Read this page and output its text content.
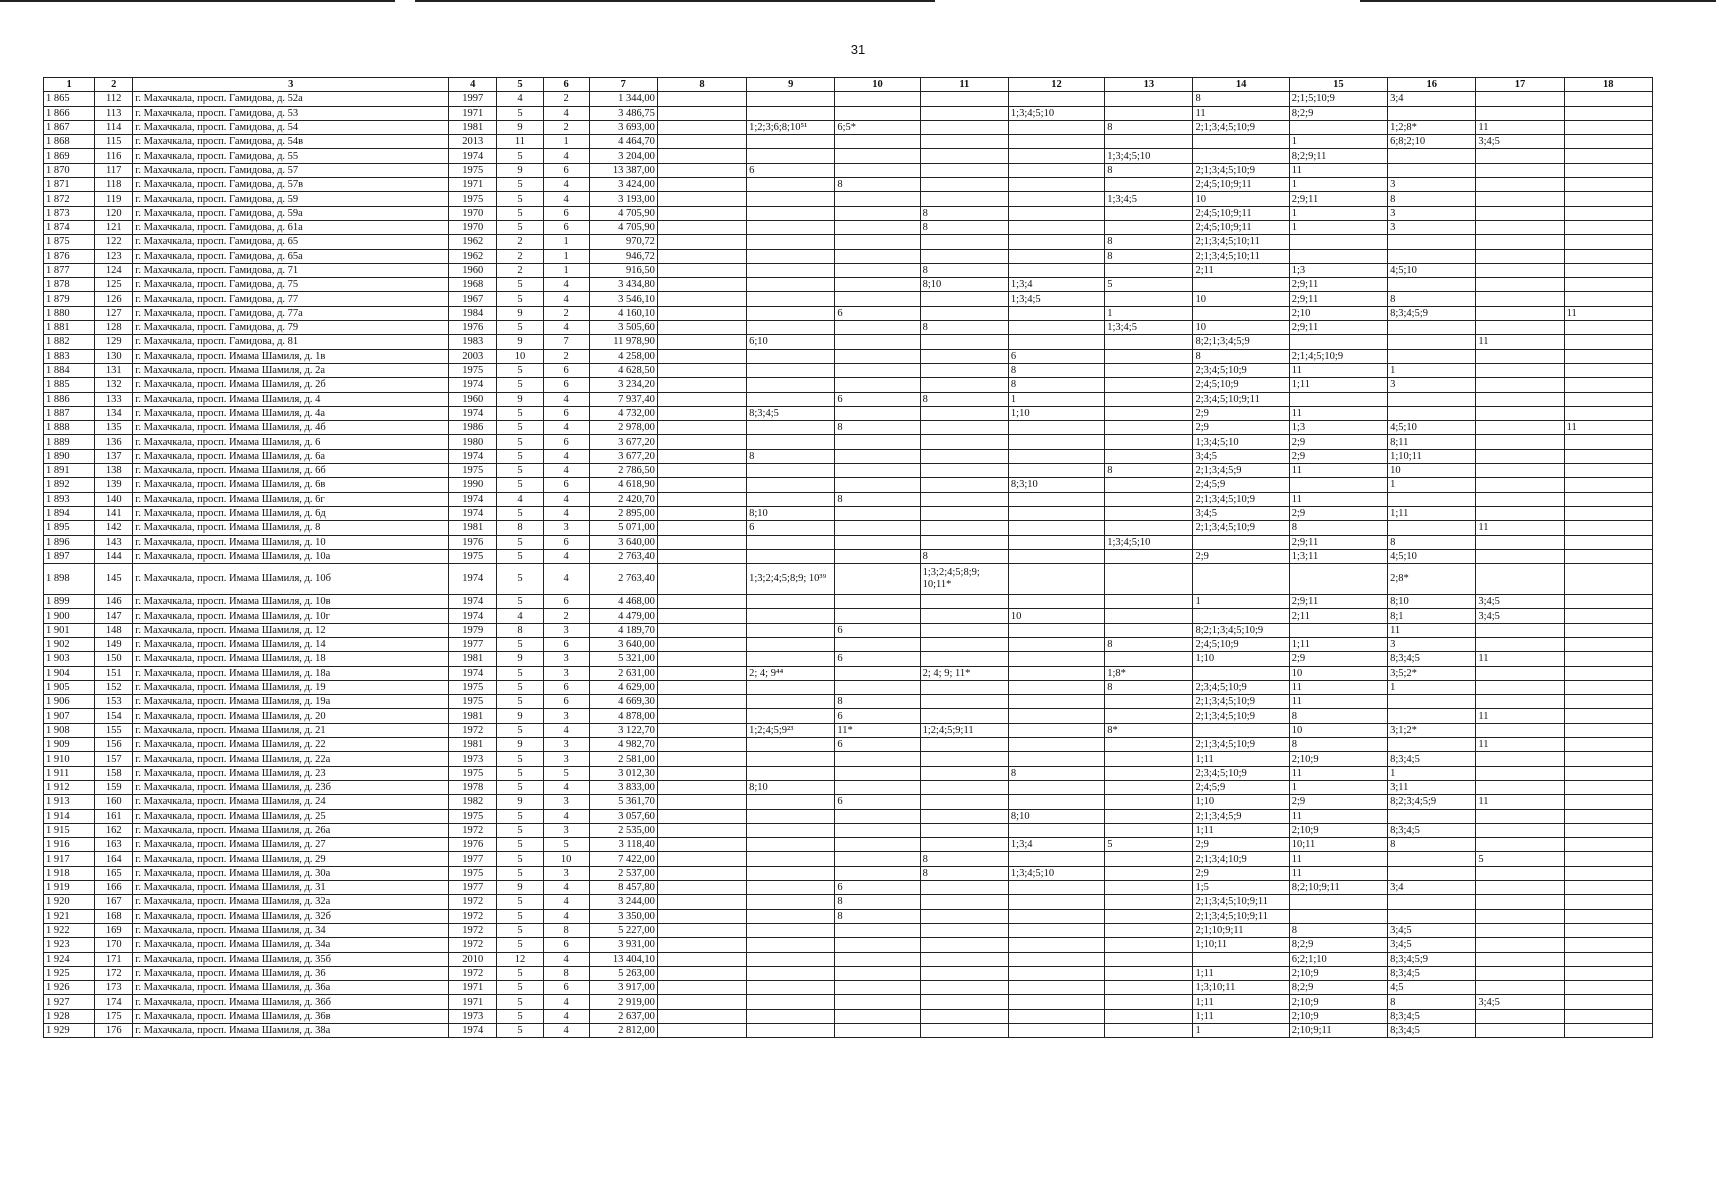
31
1	2	3	4	5	6	7	8	9	10	11	12	13	14	15	16	17	18
1 865	112	г. Махачкала, просп. Гамидова, д. 52а	1997	4	2	1 344,00							8	2;1;5;10;9	3;4		
1 866	113	г. Махачкала, просп. Гамидова, д. 53	1971	5	4	3 486,75					1;3;4;5;10		11	8;2;9			
1 867	114	г. Махачкала, просп. Гамидова, д. 54	1981	9	2	3 693,00		1;2;3;6;8;10⁵¹	6;5*			8	2;1;3;4;5;10;9		1;2;8*	11	
1 868	115	г. Махачкала, просп. Гамидова, д. 54в	2013	11	1	4 464,70								1	6;8;2;10	3;4;5	
1 869	116	г. Махачкала, просп. Гамидова, д. 55	1974	5	4	3 204,00						1;3;4;5;10		8;2;9;11			
1 870	117	г. Махачкала, просп. Гамидова, д. 57	1975	9	6	13 387,00		6				8	2;1;3;4;5;10;9	11			
1 871	118	г. Махачкала, просп. Гамидова, д. 57в	1971	5	4	3 424,00			8				2;4;5;10;9;11	1	3		
1 872	119	г. Махачкала, просп. Гамидова, д. 59	1975	5	4	3 193,00						1;3;4;5	10	2;9;11	8		
1 873	120	г. Махачкала, просп. Гамидова, д. 59а	1970	5	6	4 705,90				8			2;4;5;10;9;11	1	3		
1 874	121	г. Махачкала, просп. Гамидова, д. 61а	1970	5	6	4 705,90				8			2;4;5;10;9;11	1	3		
1 875	122	г. Махачкала, просп. Гамидова, д. 65	1962	2	1	970,72						8	2;1;3;4;5;10;11				
1 876	123	г. Махачкала, просп. Гамидова, д. 65а	1962	2	1	946,72						8	2;1;3;4;5;10;11				
1 877	124	г. Махачкала, просп. Гамидова, д. 71	1960	2	1	916,50				8			2;11	1;3	4;5;10		
1 878	125	г. Махачкала, просп. Гамидова, д. 75	1968	5	4	3 434,80				8;10	1;3;4	5		2;9;11			
1 879	126	г. Махачкала, просп. Гамидова, д. 77	1967	5	4	3 546,10					1;3;4;5		10	2;9;11	8		
1 880	127	г. Махачкала, просп. Гамидова, д. 77а	1984	9	2	4 160,10			6			1		2;10	8;3;4;5;9		11
1 881	128	г. Махачкала, просп. Гамидова, д. 79	1976	5	4	3 505,60				8		1;3;4;5	10	2;9;11			
1 882	129	г. Махачкала, просп. Гамидова, д. 81	1983	9	7	11 978,90		6;10					8;2;1;3;4;5;9			11	
1 883	130	г. Махачкала, просп. Имама Шамиля, д. 1в	2003	10	2	4 258,00					6		8	2;1;4;5;10;9			
1 884	131	г. Махачкала, просп. Имама Шамиля, д. 2а	1975	5	6	4 628,50					8		2;3;4;5;10;9	11	1		
1 885	132	г. Махачкала, просп. Имама Шамиля, д. 2б	1974	5	6	3 234,20					8		2;4;5;10;9	1;11	3		
1 886	133	г. Махачкала, просп. Имама Шамиля, д. 4	1960	9	4	7 937,40			6	8	1		2;3;4;5;10;9;11				
1 887	134	г. Махачкала, просп. Имама Шамиля, д. 4а	1974	5	6	4 732,00		8;3;4;5			1;10		2;9	11			
1 888	135	г. Махачкала, просп. Имама Шамиля, д. 4б	1986	5	4	2 978,00			8				2;9	1;3	4;5;10		11
1 889	136	г. Махачкала, просп. Имама Шамиля, д. 6	1980	5	6	3 677,20							1;3;4;5;10	2;9	8;11		
1 890	137	г. Махачкала, просп. Имама Шамиля, д. 6а	1974	5	4	3 677,20		8					3;4;5	2;9	1;10;11		
1 891	138	г. Махачкала, просп. Имама Шамиля, д. 6б	1975	5	4	2 786,50						8	2;1;3;4;5;9	11	10		
1 892	139	г. Махачкала, просп. Имама Шамиля, д. 6в	1990	5	6	4 618,90					8;3;10		2;4;5;9		1		
1 893	140	г. Махачкала, просп. Имама Шамиля, д. 6г	1974	4	4	2 420,70			8				2;1;3;4;5;10;9	11			
1 894	141	г. Махачкала, просп. Имама Шамиля, д. 6д	1974	5	4	2 895,00		8;10					3;4;5	2;9	1;11		
1 895	142	г. Махачкала, просп. Имама Шамиля, д. 8	1981	8	3	5 071,00		6					2;1;3;4;5;10;9	8		11	
1 896	143	г. Махачкала, просп. Имама Шамиля, д. 10	1976	5	6	3 640,00						1;3;4;5;10		2;9;11	8		
1 897	144	г. Махачкала, просп. Имама Шамиля, д. 10а	1975	5	4	2 763,40				8			2;9	1;3;11	4;5;10		
1 898	145	г. Махачкала, просп. Имама Шамиля, д. 10б	1974	5	4	2 763,40		1;3;2;4;5;8;9; 10³⁹		1;3;2;4;5;8;9; 10;11*					2;8*		
1 899	146	г. Махачкала, просп. Имама Шамиля, д. 10в	1974	5	6	4 468,00							1	2;9;11	8;10	3;4;5	
1 900	147	г. Махачкала, просп. Имама Шамиля, д. 10г	1974	4	2	4 479,00					10			2;11	8;1	3;4;5	
1 901	148	г. Махачкала, просп. Имама Шамиля, д. 12	1979	8	3	4 189,70			6				8;2;1;3;4;5;10;9		11		
1 902	149	г. Махачкала, просп. Имама Шамиля, д. 14	1977	5	6	3 640,00						8	2;4;5;10;9	1;11	3		
1 903	150	г. Махачкала, просп. Имама Шамиля, д. 18	1981	9	3	5 321,00			6				1;10	2;9	8;3;4;5	11	
1 904	151	г. Махачкала, просп. Имама Шамиля, д. 18а	1974	5	3	2 631,00		2; 4; 9⁴⁴		2; 4; 9; 11*		1;8*		10	3;5;2*		
1 905	152	г. Махачкала, просп. Имама Шамиля, д. 19	1975	5	6	4 629,00						8	2;3;4;5;10;9	11	1		
1 906	153	г. Махачкала, просп. Имама Шамиля, д. 19а	1975	5	6	4 669,30			8				2;1;3;4;5;10;9	11			
1 907	154	г. Махачкала, просп. Имама Шамиля, д. 20	1981	9	3	4 878,00			6				2;1;3;4;5;10;9	8		11	
1 908	155	г. Махачкала, просп. Имама Шамиля, д. 21	1972	5	4	3 122,70		1;2;4;5;9²³	11*	1;2;4;5;9;11		8*		10	3;1;2*		
1 909	156	г. Махачкала, просп. Имама Шамиля, д. 22	1981	9	3	4 982,70			6				2;1;3;4;5;10;9	8		11	
1 910	157	г. Махачкала, просп. Имама Шамиля, д. 22а	1973	5	3	2 581,00							1;11	2;10;9	8;3;4;5		
1 911	158	г. Махачкала, просп. Имама Шамиля, д. 23	1975	5	5	3 012,30					8		2;3;4;5;10;9	11	1		
1 912	159	г. Махачкала, просп. Имама Шамиля, д. 23б	1978	5	4	3 833,00		8;10					2;4;5;9	1	3;11		
1 913	160	г. Махачкала, просп. Имама Шамиля, д. 24	1982	9	3	5 361,70			6				1;10	2;9	8;2;3;4;5;9	11	
1 914	161	г. Махачкала, просп. Имама Шамиля, д. 25	1975	5	4	3 057,60					8;10		2;1;3;4;5;9	11			
1 915	162	г. Махачкала, просп. Имама Шамиля, д. 26а	1972	5	3	2 535,00							1;11	2;10;9	8;3;4;5		
1 916	163	г. Махачкала, просп. Имама Шамиля, д. 27	1976	5	5	3 118,40					1;3;4	5	2;9	10;11	8		
1 917	164	г. Махачкала, просп. Имама Шамиля, д. 29	1977	5	10	7 422,00				8			2;1;3;4;10;9	11		5	
1 918	165	г. Махачкала, просп. Имама Шамиля, д. 30а	1975	5	3	2 537,00				8	1;3;4;5;10		2;9	11			
1 919	166	г. Махачкала, просп. Имама Шамиля, д. 31	1977	9	4	8 457,80			6				1;5	8;2;10;9;11	3;4		
1 920	167	г. Махачкала, просп. Имама Шамиля, д. 32а	1972	5	4	3 244,00			8				2;1;3;4;5;10;9;11				
1 921	168	г. Махачкала, просп. Имама Шамиля, д. 32б	1972	5	4	3 350,00			8				2;1;3;4;5;10;9;11				
1 922	169	г. Махачкала, просп. Имама Шамиля, д. 34	1972	5	8	5 227,00							2;1;10;9;11	8	3;4;5		
1 923	170	г. Махачкала, просп. Имама Шамиля, д. 34а	1972	5	6	3 931,00							1;10;11	8;2;9	3;4;5		
1 924	171	г. Махачкала, просп. Имама Шамиля, д. 35б	2010	12	4	13 404,10								6;2;1;10	8;3;4;5;9		
1 925	172	г. Махачкала, просп. Имама Шамиля, д. 36	1972	5	8	5 263,00							1;11	2;10;9	8;3;4;5		
1 926	173	г. Махачкала, просп. Имама Шамиля, д. 36а	1971	5	6	3 917,00							1;3;10;11	8;2;9	4;5		
1 927	174	г. Махачкала, просп. Имама Шамиля, д. 36б	1971	5	4	2 919,00							1;11	2;10;9	8	3;4;5	
1 928	175	г. Махачкала, просп. Имама Шамиля, д. 36в	1973	5	4	2 637,00							1;11	2;10;9	8;3;4;5		
1 929	176	г. Махачкала, просп. Имама Шамиля, д. 38а	1974	5	4	2 812,00							1	2;10;9;11	8;3;4;5		
